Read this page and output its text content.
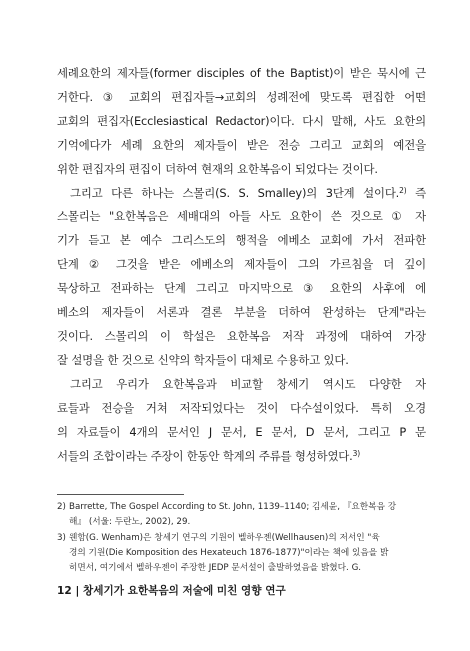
세례요한의 제자들(former disciples of the Baptist)이 받은 묵시에 근
거한다. ③ 교회의 편집자들→교회의 성례전에 맞도록 편집한 어떤
교회의 편집자(Ecclesiastical Redactor)이다. 다시 말해, 사도 요한의
기억에다가 세례 요한의 제자들이 받은 전승 그리고 교회의 예전을
위한 편집자의 편집이 더하여 현재의 요한복음이 되었다는 것이다.

그리고 다른 하나는 스몰리(S. S. Smalley)의 3단계 설이다.$^{2)}$ 즉
스몰리는 "요한복음은 세배대의 아들 사도 요한이 쓴 것으로 ① 자
기가 듣고 본 예수 그리스도의 행적을 에베소 교회에 가서 전파한
단계 ② 그것을 받은 에베소의 제자들이 그의 가르침을 더 깊이
묵상하고 전파하는 단계 그리고 마지막으로 ③ 요한의 사후에 에
베소의 제자들이 서론과 결론 부분을 더하여 완성하는 단계"라는
것이다. 스몰리의 이 학설은 요한복음 저작 과정에 대하여 가장
잘 설명을 한 것으로 신약의 학자들이 대체로 수용하고 있다.

그리고 우리가 요한복음과 비교할 창세기 역시도 다양한 자
료들과 전승을 거쳐 저작되었다는 것이 다수설이었다. 특히 오경
의 자료들이 4개의 문서인 J 문서, E 문서, D 문서, 그리고 P 문
서들의 조합이라는 주장이 한동안 학계의 주류를 형성하였다.$^{3)}$

2) Barrette, The Gospel According to St. John, 1139–1140; 김세윤, 『요한복음 강
해』 (서울: 두란노, 2002), 29.
3) 웬함(G. Wenham)은 창세기 연구의 기원이 벨하우젠(Wellhausen)의 저서인 "육
경의 기원(Die Komposition des Hexateuch 1876-1877)"이라는 책에 있음을 밝
히면서, 여기에서 벨하우젠이 주장한 JEDP 문서설이 출발하였음을 밝혔다. G.
12 | 창세기가 요한복음의 저술에 미친 영향 연구
